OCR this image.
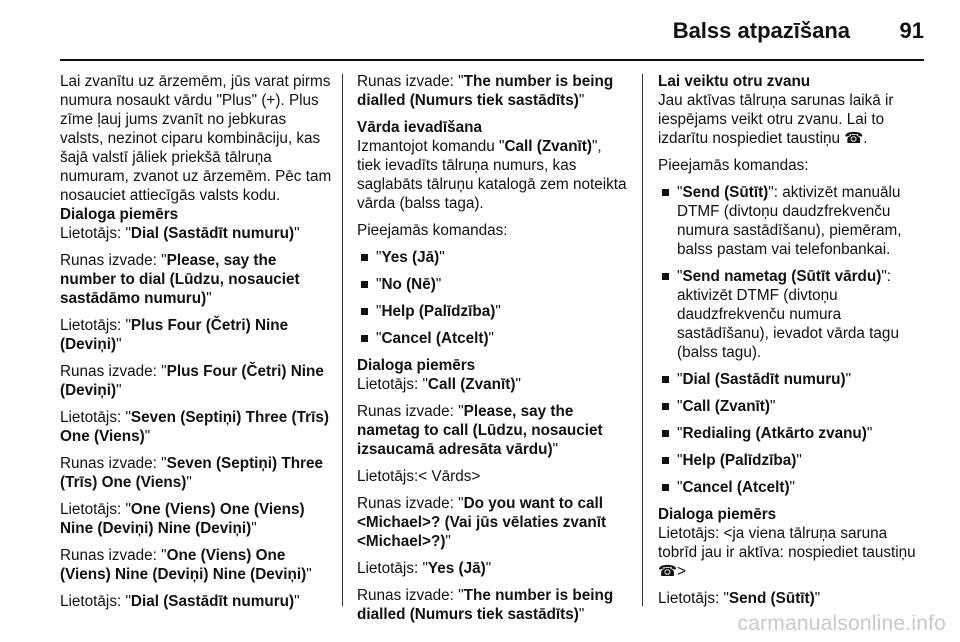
Balss atpazīšana 91

Lai zvanītu uz ārzemēm, jūs varat pirms numura nosaukt vārdu "Plus" (+). Plus zīme ļauj jums zvanīt no jebkuras valsts, nezinot ciparu kombināciju, kas šajā valstī jāliek priekšā tālruņa numuram, zvanot uz ārzemēm. Pēc tam nosauciet attiecīgās valsts kodu.

Dialoga piemērs

Lietotājs: "Dial (Sastādīt numuru)"

Runas izvade: "Please, say the number to dial (Lūdzu, nosauciet sastādāmo numuru)"

Lietotājs: "Plus Four (Četri) Nine (Deviņi)"

Runas izvade: "Plus Four (Četri) Nine (Deviņi)"

Lietotājs: "Seven (Septiņi) Three (Trīs) One (Viens)"

Runas izvade: "Seven (Septiņi) Three (Trīs) One (Viens)"

Lietotājs: "One (Viens) One (Viens) Nine (Deviņi) Nine (Deviņi)"

Runas izvade: "One (Viens) One (Viens) Nine (Deviņi) Nine (Deviņi)"

Lietotājs: "Dial (Sastādīt numuru)"

Runas izvade: "The number is being dialled (Numurs tiek sastādīts)"

Vārda ievadīšana

Izmantojot komandu "Call (Zvanīt)", tiek ievadīts tālruņa numurs, kas saglabāts tālruņu katalogā zem noteikta vārda (balss taga).

Pieejamās komandas:

"Yes (Jā)"
"No (Nē)"
"Help (Palīdzība)"
"Cancel (Atcelt)"
Dialoga piemērs

Lietotājs: "Call (Zvanīt)"

Runas izvade: "Please, say the nametag to call (Lūdzu, nosauciet izsaucamā adresāta vārdu)"

Lietotājs:< Vārds>

Runas izvade: "Do you want to call <Michael>? (Vai jūs vēlaties zvanīt <Michael>?)"

Lietotājs: "Yes (Jā)"

Runas izvade: "The number is being dialled (Numurs tiek sastādīts)"

Lai veiktu otru zvanu

Jau aktīvas tālruņa sarunas laikā ir iespējams veikt otru zvanu. Lai to izdarītu nospiediet taustiņu ☎.

Pieejamās komandas:

"Send (Sūtīt)": aktivizēt manuālu DTMF (divtoņu daudzfrekvenču numura sastādīšanu), piemēram, balss pastam vai telefonbankai.
"Send nametag (Sūtīt vārdu)": aktivizēt DTMF (divtoņu daudzfrekvenču numura sastādīšanu), ievadot vārda tagu (balss tagu).
"Dial (Sastādīt numuru)"
"Call (Zvanīt)"
"Redialing (Atkārto zvanu)"
"Help (Palīdzība)"
"Cancel (Atcelt)"
Dialoga piemērs

Lietotājs: <ja viena tālruņa saruna tobrīd jau ir aktīva: nospiediet taustiņu ☎>

Lietotājs: "Send (Sūtīt)"

carmanualsonline.info
